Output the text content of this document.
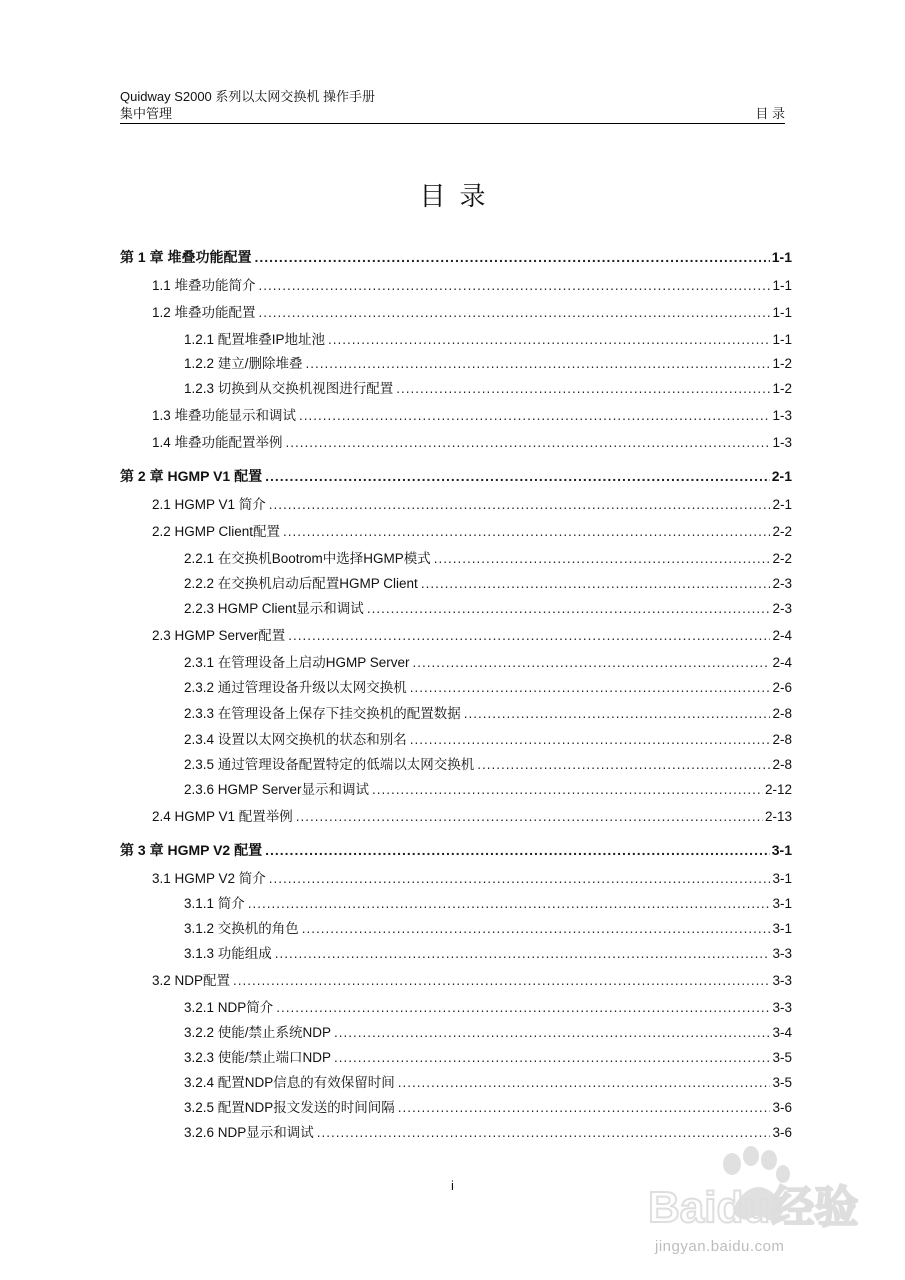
Quidway S2000 系列以太网交换机 操作手册
集中管理	目 录
目录
第 1 章 堆叠功能配置 .....	1-1
1.1 堆叠功能简介 .....	1-1
1.2 堆叠功能配置 .....	1-1
1.2.1 配置堆叠IP地址池 .....	1-1
1.2.2 建立/删除堆叠 .....	1-2
1.2.3 切换到从交换机视图进行配置 .....	1-2
1.3 堆叠功能显示和调试 .....	1-3
1.4 堆叠功能配置举例 .....	1-3
第 2 章 HGMP V1 配置 .....	2-1
2.1 HGMP V1 简介 .....	2-1
2.2 HGMP Client配置 .....	2-2
2.2.1 在交换机Bootrom中选择HGMP模式 .....	2-2
2.2.2 在交换机启动后配置HGMP Client .....	2-3
2.2.3 HGMP Client显示和调试 .....	2-3
2.3 HGMP Server配置 .....	2-4
2.3.1 在管理设备上启动HGMP Server .....	2-4
2.3.2 通过管理设备升级以太网交换机 .....	2-6
2.3.3 在管理设备上保存下挂交换机的配置数据 .....	2-8
2.3.4 设置以太网交换机的状态和别名 .....	2-8
2.3.5 通过管理设备配置特定的低端以太网交换机 .....	2-8
2.3.6 HGMP Server显示和调试 .....	2-12
2.4 HGMP V1 配置举例 .....	2-13
第 3 章 HGMP V2 配置 .....	3-1
3.1 HGMP V2 简介 .....	3-1
3.1.1 简介 .....	3-1
3.1.2 交换机的角色 .....	3-1
3.1.3 功能组成 .....	3-3
3.2 NDP配置 .....	3-3
3.2.1 NDP简介 .....	3-3
3.2.2 使能/禁止系统NDP .....	3-4
3.2.3 使能/禁止端口NDP .....	3-5
3.2.4 配置NDP信息的有效保留时间 .....	3-5
3.2.5 配置NDP报文发送的时间间隔 .....	3-6
3.2.6 NDP显示和调试 .....	3-6
i	Baidu经验
jingyan.baidu.com
